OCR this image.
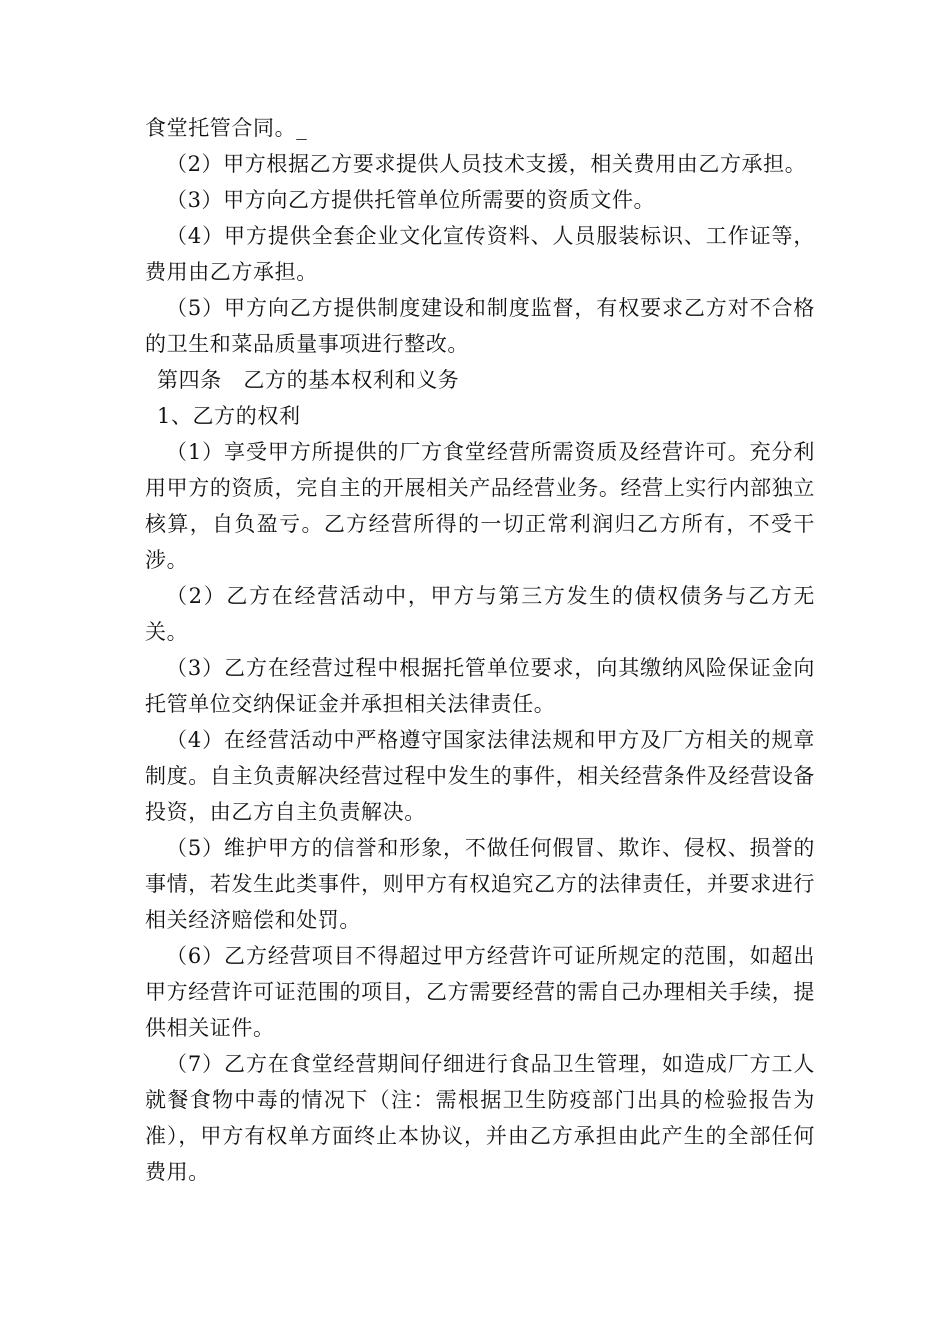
食堂托管合同。_

（2）甲方根据乙方要求提供人员技术支援，相关费用由乙方承担。

（3）甲方向乙方提供托管单位所需要的资质文件。

（4）甲方提供全套企业文化宣传资料、人员服装标识、工作证等，费用由乙方承担。

（5）甲方向乙方提供制度建设和制度监督，有权要求乙方对不合格的卫生和菜品质量事项进行整改。

第四条　乙方的基本权利和义务

1、乙方的权利

（1）享受甲方所提供的厂方食堂经营所需资质及经营许可。充分利用甲方的资质，完自主的开展相关产品经营业务。经营上实行内部独立核算，自负盈亏。乙方经营所得的一切正常利润归乙方所有，不受干涉。

（2）乙方在经营活动中，甲方与第三方发生的债权债务与乙方无关。

（3）乙方在经营过程中根据托管单位要求，向其缴纳风险保证金向托管单位交纳保证金并承担相关法律责任。

（4）在经营活动中严格遵守国家法律法规和甲方及厂方相关的规章制度。自主负责解决经营过程中发生的事件，相关经营条件及经营设备投资，由乙方自主负责解决。

（5）维护甲方的信誉和形象，不做任何假冒、欺诈、侵权、损誉的事情，若发生此类事件，则甲方有权追究乙方的法律责任，并要求进行相关经济赔偿和处罚。

（6）乙方经营项目不得超过甲方经营许可证所规定的范围，如超出甲方经营许可证范围的项目，乙方需要经营的需自己办理相关手续，提供相关证件。

（7）乙方在食堂经营期间仔细进行食品卫生管理，如造成厂方工人就餐食物中毒的情况下（注：需根据卫生防疫部门出具的检验报告为准），甲方有权单方面终止本协议，并由乙方承担由此产生的全部任何费用。
